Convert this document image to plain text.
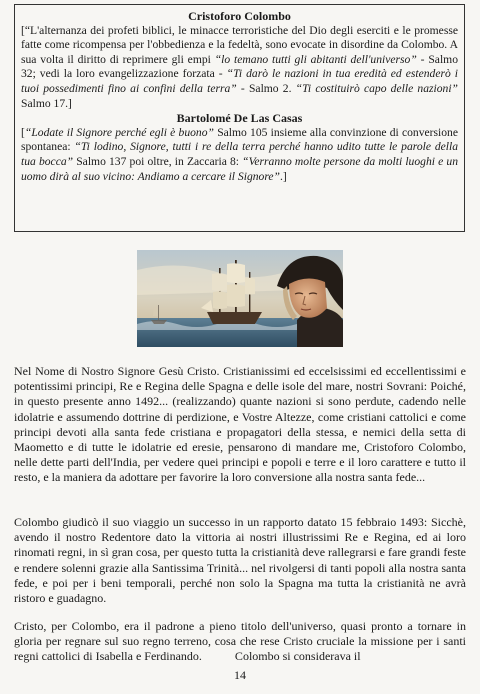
Cristoforo Colombo

[“L'alternanza dei profeti biblici, le minacce terroristiche del Dio degli eserciti e le promesse fatte come ricompensa per l'obbedienza e la fedeltà, sono evocate in disordine da Colombo. A sua volta il diritto di reprimere gli empi “lo temano tutti gli abitanti dell'universo” - Salmo 32; vedi la loro evangelizzazione forzata - “Ti darò le nazioni in tua eredità ed estenderò i tuoi possedimenti fino ai confini della terra” - Salmo 2. “Ti costituirò capo delle nazioni” Salmo 17.]

Bartolomé De Las Casas

[“Lodate il Signore perché egli è buono” Salmo 105 insieme alla convinzione di conversione spontanea: “Ti lodino, Signore, tutti i re della terra perché hanno udito tutte le parole della tua bocca” Salmo 137 poi oltre, in Zaccaria 8: “Verranno molte persone da molti luoghi e un uomo dirà al suo vicino: Andiamo a cercare il Signore”.]

Nel Nome di Nostro Signore Gesù Cristo. Cristianissimi ed eccelsissimi ed eccellentissimi e potentissimi principi, Re e Regina delle Spagna e delle isole del mare, nostri Sovrani: Poiché, in questo presente anno 1492... (realizzando) quante nazioni si sono perdute, cadendo nelle idolatrie e assumendo dottrine di perdizione, e Vostre Altezze, come cristiani cattolici e come principi devoti alla santa fede cristiana e propagatori della stessa, e nemici della setta di Maometto e di tutte le idolatrie ed eresie, pensarono di mandare me, Cristoforo Colombo, nelle dette parti dell'India, per vedere quei principi e popoli e terre e il loro carattere e tutto il resto, e la maniera da adottare per favorire la loro conversione alla nostra santa fede...

Colombo giudicò il suo viaggio un successo in un rapporto datato 15 febbraio 1493: Sicchè, avendo il nostro Redentore dato la vittoria ai nostri illustrissimi Re e Regina, ed ai loro rinomati regni, in sì gran cosa, per questo tutta la cristianità deve rallegrarsi e fare grandi feste e rendere solenni grazie alla Santissima Trinità... nel rivolgersi di tanti popoli alla nostra santa fede, e poi per i beni temporali, perché non solo la Spagna ma tutta la cristianità ne avrà ristoro e guadagno.

Cristo, per Colombo, era il padrone a pieno titolo dell'universo, quasi pronto a tornare in gloria per regnare sul suo regno terreno, cosa che rese Cristo cruciale la missione per i santi regni cattolici di Isabella e Ferdinando.           Colombo si considerava il

14
